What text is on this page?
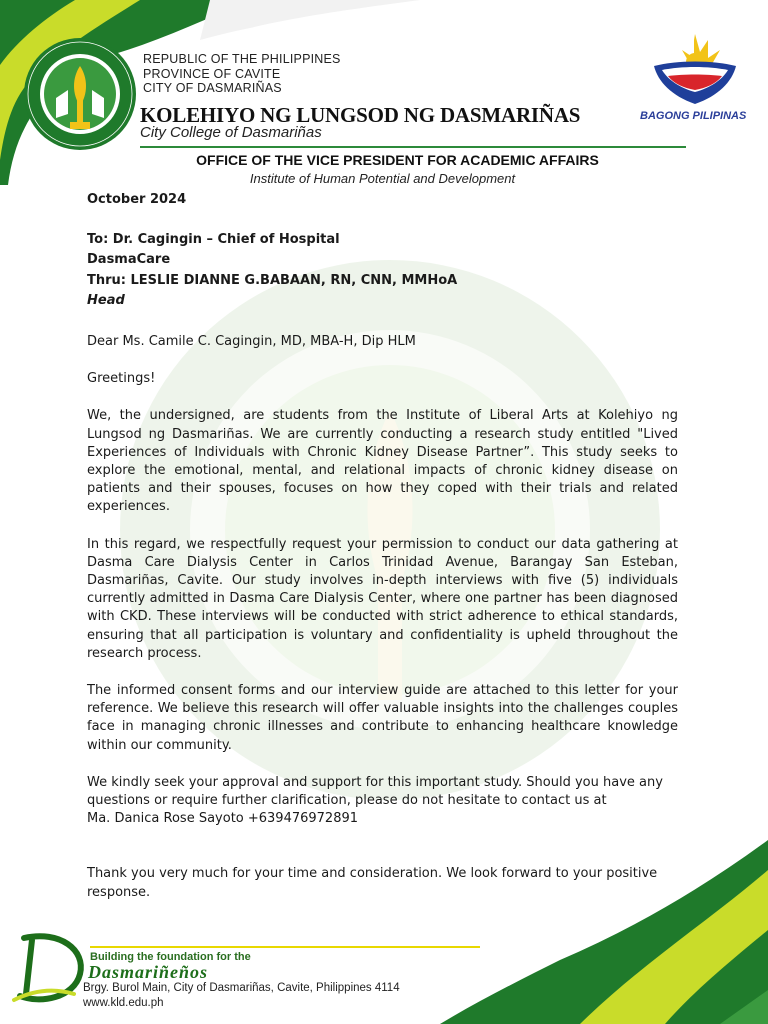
BAGONG PILIPINAS
REPUBLIC OF THE PHILIPPINES
PROVINCE OF CAVITE
CITY OF DASMARIÑAS
KOLEHIYO NG LUNGSOD NG DASMARIÑAS
City College of Dasmariñas
OFFICE OF THE VICE PRESIDENT FOR ACADEMIC AFFAIRS
Institute of Human Potential and Development

October 2024

To: Dr. Cagingin – Chief of Hospital

DasmaCare

Thru: LESLIE DIANNE G.BABAAN, RN, CNN, MMHoA

Head

Dear Ms. Camile C. Cagingin, MD, MBA-H, Dip HLM

Greetings!

We, the undersigned, are students from the Institute of Liberal Arts at Kolehiyo ng Lungsod ng Dasmariñas. We are currently conducting a research study entitled "Lived Experiences of Individuals with Chronic Kidney Disease Partner”. This study seeks to explore the emotional, mental, and relational impacts of chronic kidney disease on patients and their spouses, focuses on how they coped with their trials and related experiences.

In this regard, we respectfully request your permission to conduct our data gathering at Dasma Care Dialysis Center in Carlos Trinidad Avenue, Barangay San Esteban, Dasmariñas, Cavite. Our study involves in-depth interviews with five (5) individuals currently admitted in Dasma Care Dialysis Center, where one partner has been diagnosed with CKD. These interviews will be conducted with strict adherence to ethical standards, ensuring that all participation is voluntary and confidentiality is upheld throughout the research process.

The informed consent forms and our interview guide are attached to this letter for your reference. We believe this research will offer valuable insights into the challenges couples face in managing chronic illnesses and contribute to enhancing healthcare knowledge within our community.

We kindly seek your approval and support for this important study. Should you have any

questions or require further clarification, please do not hesitate to contact us at

Ma. Danica Rose Sayoto +639476972891

Thank you very much for your time and consideration. We look forward to your positive response.

Building the foundation for the
Dasmariñeños
Brgy. Burol Main, City of Dasmariñas, Cavite, Philippines 4114
www.kld.edu.ph
